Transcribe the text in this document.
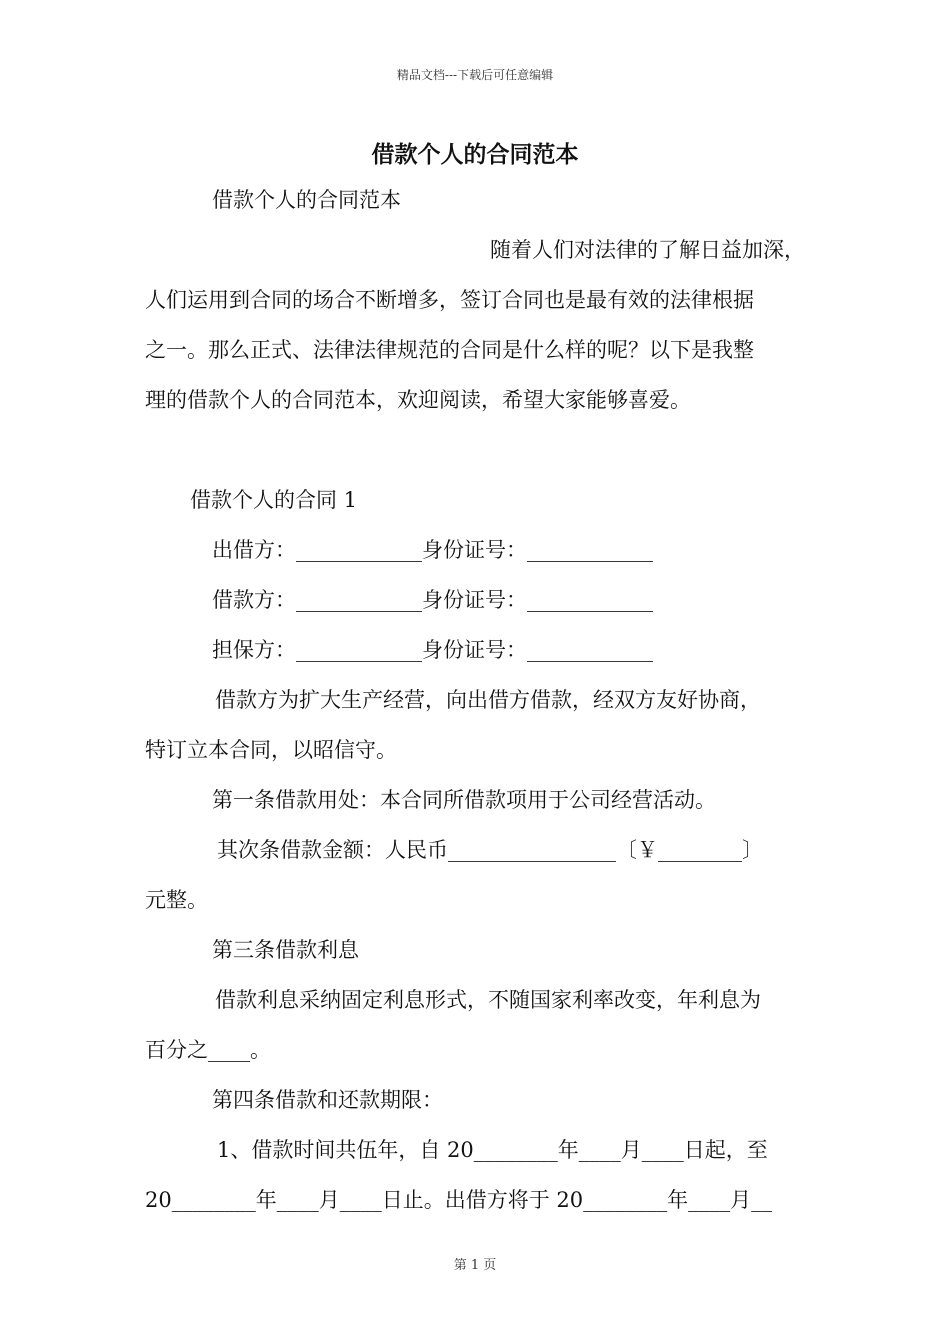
精品文档---下载后可任意编辑
借款个人的合同范本
借款个人的合同范本
随着人们对法律的了解日益加深，
人们运用到合同的场合不断增多，签订合同也是最有效的法律根据
之一。那么正式、法律法律规范的合同是什么样的呢？以下是我整
理的借款个人的合同范本，欢迎阅读，希望大家能够喜爱。
借款个人的合同 1
出借方：____________身份证号：____________
借款方：____________身份证号：____________
担保方：____________身份证号：____________
借款方为扩大生产经营，向出借方借款，经双方友好协商，
特订立本合同，以昭信守。
第一条借款用处：本合同所借款项用于公司经营活动。
其次条借款金额：人民币________________〔￥________〕
元整。
第三条借款利息
借款利息采纳固定利息形式，不随国家利率改变，年利息为
百分之____。
第四条借款和还款期限：
1、借款时间共伍年，自 20________年____月____日起，至
20________年____月____日止。出借方将于 20________年____月__
第 1 页
